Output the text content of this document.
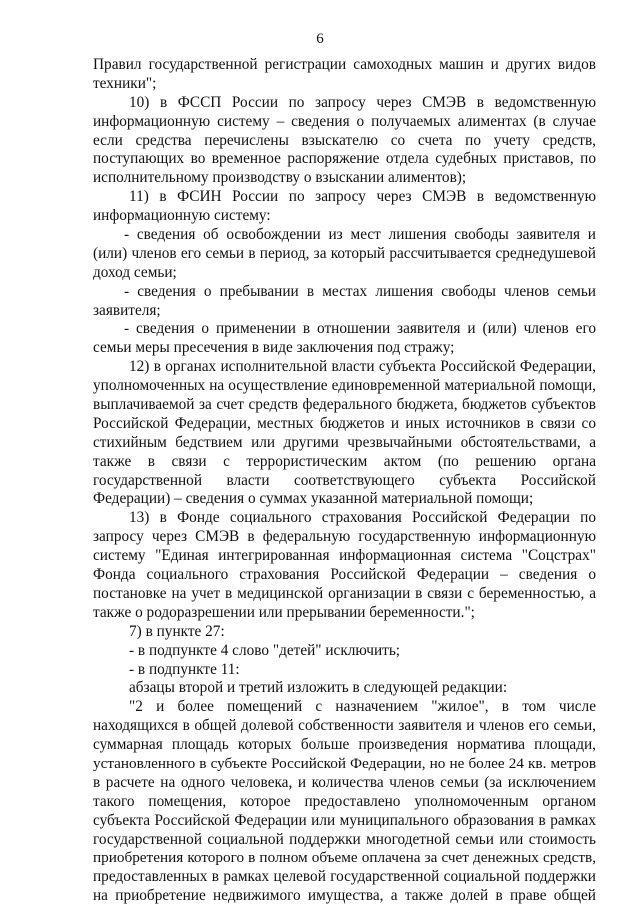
6
Правил государственной регистрации самоходных машин и других видов
техники";
10) в ФССП России по запросу через СМЭВ в ведомственную
информационную систему – сведения о получаемых алиментах (в случае
если средства перечислены взыскателю со счета по учету средств,
поступающих во временное распоряжение отдела судебных приставов, по
исполнительному производству о взыскании алиментов);
11) в ФСИН России по запросу через СМЭВ в ведомственную
информационную систему:
- сведения об освобождении из мест лишения свободы заявителя и
(или) членов его семьи в период, за который рассчитывается среднедушевой
доход семьи;
- сведения о пребывании в местах лишения свободы членов семьи
заявителя;
- сведения о применении в отношении заявителя и (или) членов его
семьи меры пресечения в виде заключения под стражу;
12) в органах исполнительной власти субъекта Российской Федерации,
уполномоченных на осуществление единовременной материальной помощи,
выплачиваемой за счет средств федерального бюджета, бюджетов субъектов
Российской Федерации, местных бюджетов и иных источников в связи со
стихийным бедствием или другими чрезвычайными обстоятельствами, а
также в связи с террористическим актом (по решению органа
государственной власти соответствующего субъекта Российской
Федерации) – сведения о суммах указанной материальной помощи;
13) в Фонде социального страхования Российской Федерации по
запросу через СМЭВ в федеральную государственную информационную
систему "Единая интегрированная информационная система "Соцстрах"
Фонда социального страхования Российской Федерации – сведения о
постановке на учет в медицинской организации в связи с беременностью, а
также о родоразрешении или прерывании беременности.";
7) в пункте 27:
- в подпункте 4 слово "детей" исключить;
- в подпункте 11:
абзацы второй и третий изложить в следующей редакции:
"2 и более помещений с назначением "жилое", в том числе
находящихся в общей долевой собственности заявителя и членов его семьи,
суммарная площадь которых больше произведения норматива площади,
установленного в субъекте Российской Федерации, но не более 24 кв. метров
в расчете на одного человека, и количества членов семьи (за исключением
такого помещения, которое предоставлено уполномоченным органом
субъекта Российской Федерации или муниципального образования в рамках
государственной социальной поддержки многодетной семьи или стоимость
приобретения которого в полном объеме оплачена за счет денежных средств,
предоставленных в рамках целевой государственной социальной поддержки
на приобретение недвижимого имущества, а также долей в праве общей
